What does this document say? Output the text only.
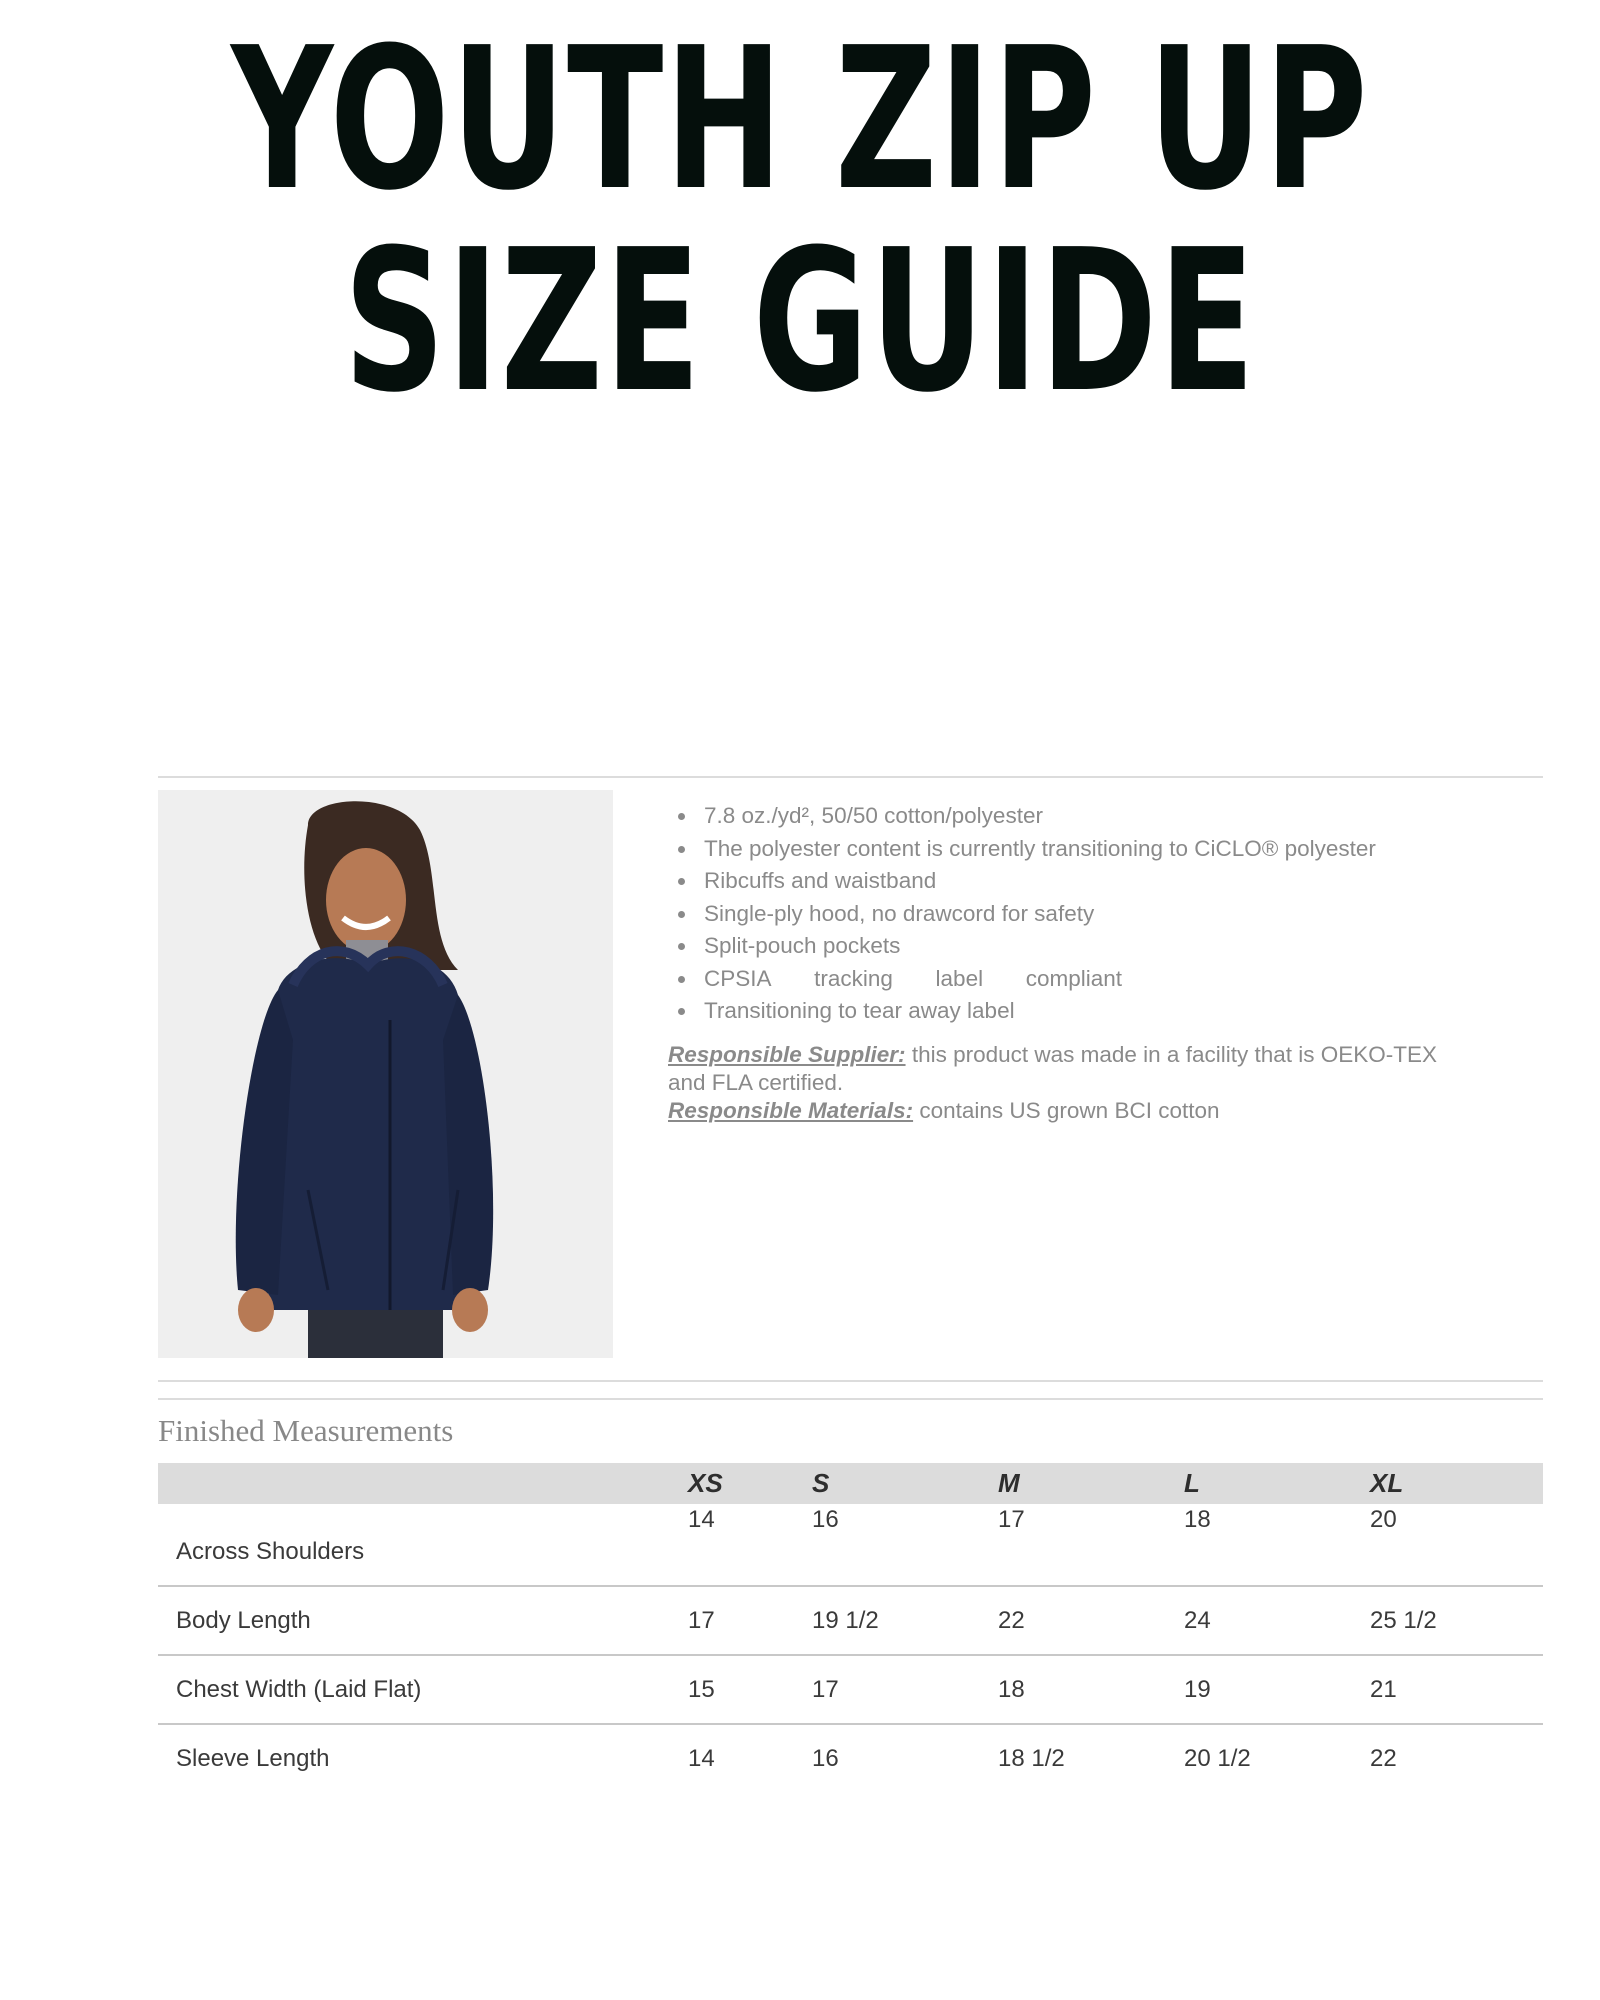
YOUTH ZIP UP
SIZE GUIDE
7.8 oz./yd², 50/50 cotton/polyester
The polyester content is currently transitioning to CiCLO® polyester
Ribcuffs and waistband
Single-ply hood, no drawcord for safety
Split-pouch pockets
CPSIA tracking label compliant
Transitioning to tear away label
Responsible Supplier: this product was made in a facility that is OEKO-TEX and FLA certified.
Responsible Materials: contains US grown BCI cotton
Finished Measurements
	XS	S	M	L	XL
Across Shoulders	14	16	17	18	20
Body Length	17	19 1/2	22	24	25 1/2
Chest Width (Laid Flat)	15	17	18	19	21
Sleeve Length	14	16	18 1/2	20 1/2	22
